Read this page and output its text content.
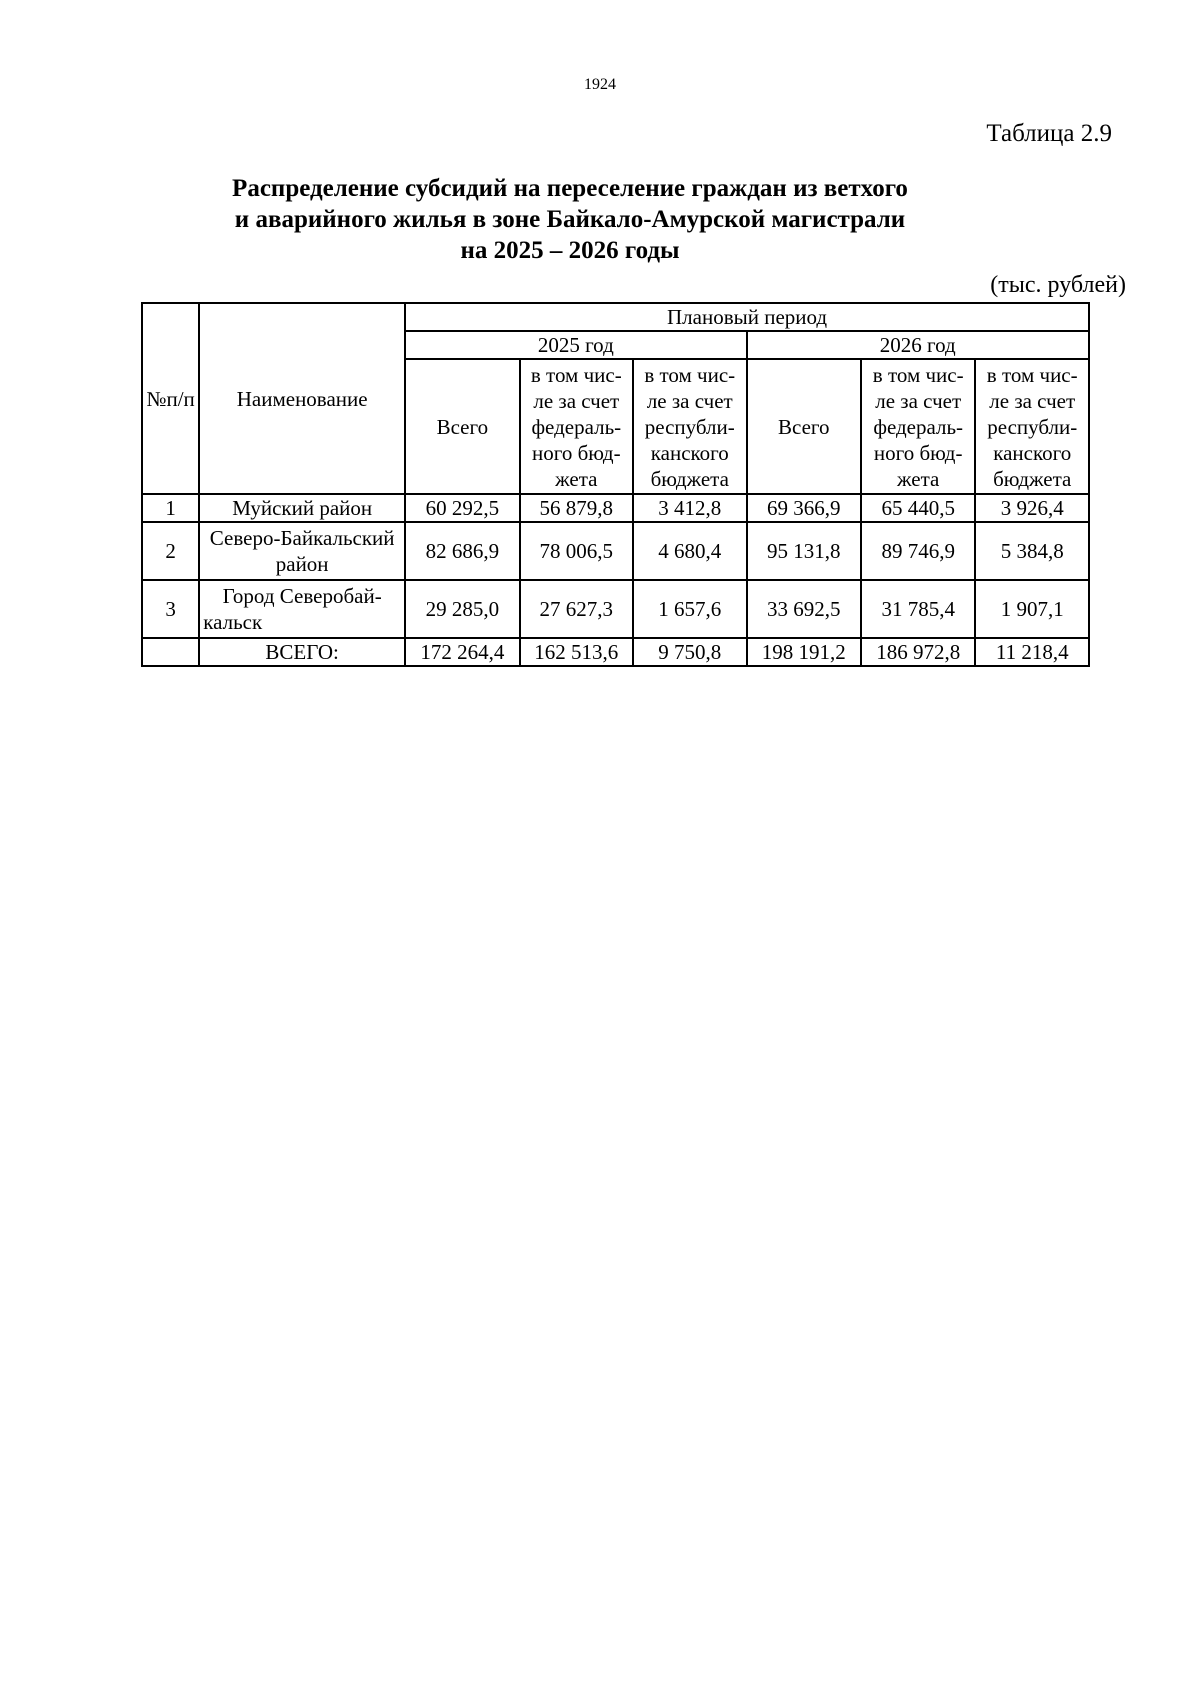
1924
Таблица 2.9
Распределение субсидий на переселение граждан из ветхого
и аварийного жилья в зоне Байкало-Амурской магистрали
на 2025 – 2026 годы
(тыс. рублей)
№п/п	Наименование	Плановый период					
		2025 год			2026 год		
		Всего	в том чис-ле за счет федераль-ного бюд-жета	в том чис-ле за счет республи-канского бюджета	Всего	в том чис-ле за счет федераль-ного бюд-жета	в том чис-ле за счет республи-канского бюджета
1	Муйский район	60 292,5	56 879,8	3 412,8	69 366,9	65 440,5	3 926,4
2	Северо-Байкальский район	82 686,9	78 006,5	4 680,4	95 131,8	89 746,9	5 384,8
3	Город Северобай-кальск	29 285,0	27 627,3	1 657,6	33 692,5	31 785,4	1 907,1
	ВСЕГО:	172 264,4	162 513,6	9 750,8	198 191,2	186 972,8	11 218,4
